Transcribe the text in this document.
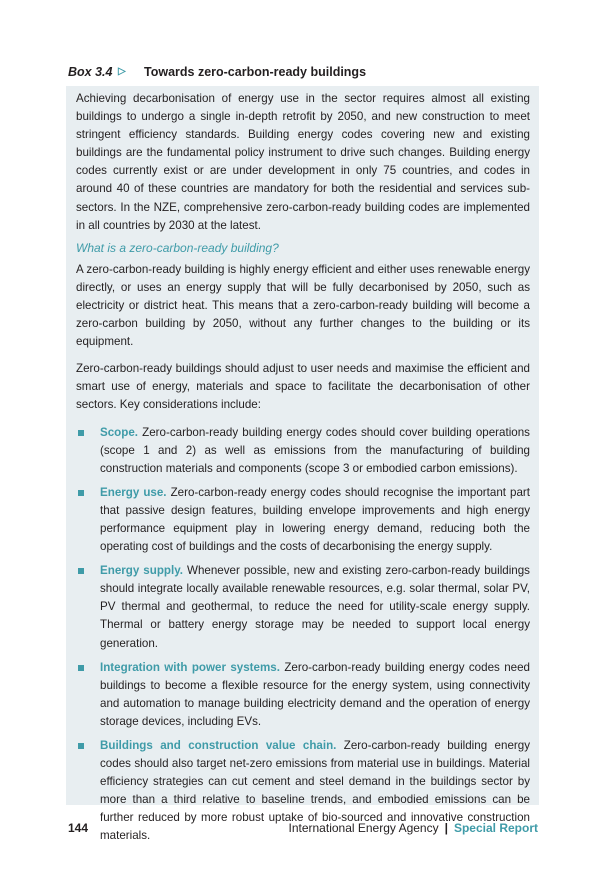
Box 3.4 ▷ Towards zero-carbon-ready buildings

Achieving decarbonisation of energy use in the sector requires almost all existing buildings to undergo a single in-depth retrofit by 2050, and new construction to meet stringent efficiency standards. Building energy codes covering new and existing buildings are the fundamental policy instrument to drive such changes. Building energy codes currently exist or are under development in only 75 countries, and codes in around 40 of these countries are mandatory for both the residential and services sub-sectors. In the NZE, comprehensive zero-carbon-ready building codes are implemented in all countries by 2030 at the latest.

What is a zero-carbon-ready building?

A zero-carbon-ready building is highly energy efficient and either uses renewable energy directly, or uses an energy supply that will be fully decarbonised by 2050, such as electricity or district heat. This means that a zero-carbon-ready building will become a zero-carbon building by 2050, without any further changes to the building or its equipment.

Zero-carbon-ready buildings should adjust to user needs and maximise the efficient and smart use of energy, materials and space to facilitate the decarbonisation of other sectors. Key considerations include:

Scope. Zero-carbon-ready building energy codes should cover building operations (scope 1 and 2) as well as emissions from the manufacturing of building construction materials and components (scope 3 or embodied carbon emissions).
Energy use. Zero-carbon-ready energy codes should recognise the important part that passive design features, building envelope improvements and high energy performance equipment play in lowering energy demand, reducing both the operating cost of buildings and the costs of decarbonising the energy supply.
Energy supply. Whenever possible, new and existing zero-carbon-ready buildings should integrate locally available renewable resources, e.g. solar thermal, solar PV, PV thermal and geothermal, to reduce the need for utility-scale energy supply. Thermal or battery energy storage may be needed to support local energy generation.
Integration with power systems. Zero-carbon-ready building energy codes need buildings to become a flexible resource for the energy system, using connectivity and automation to manage building electricity demand and the operation of energy storage devices, including EVs.
Buildings and construction value chain. Zero-carbon-ready building energy codes should also target net-zero emissions from material use in buildings. Material efficiency strategies can cut cement and steel demand in the buildings sector by more than a third relative to baseline trends, and embodied emissions can be further reduced by more robust uptake of bio-sourced and innovative construction materials.
144	International Energy Agency | Special Report
